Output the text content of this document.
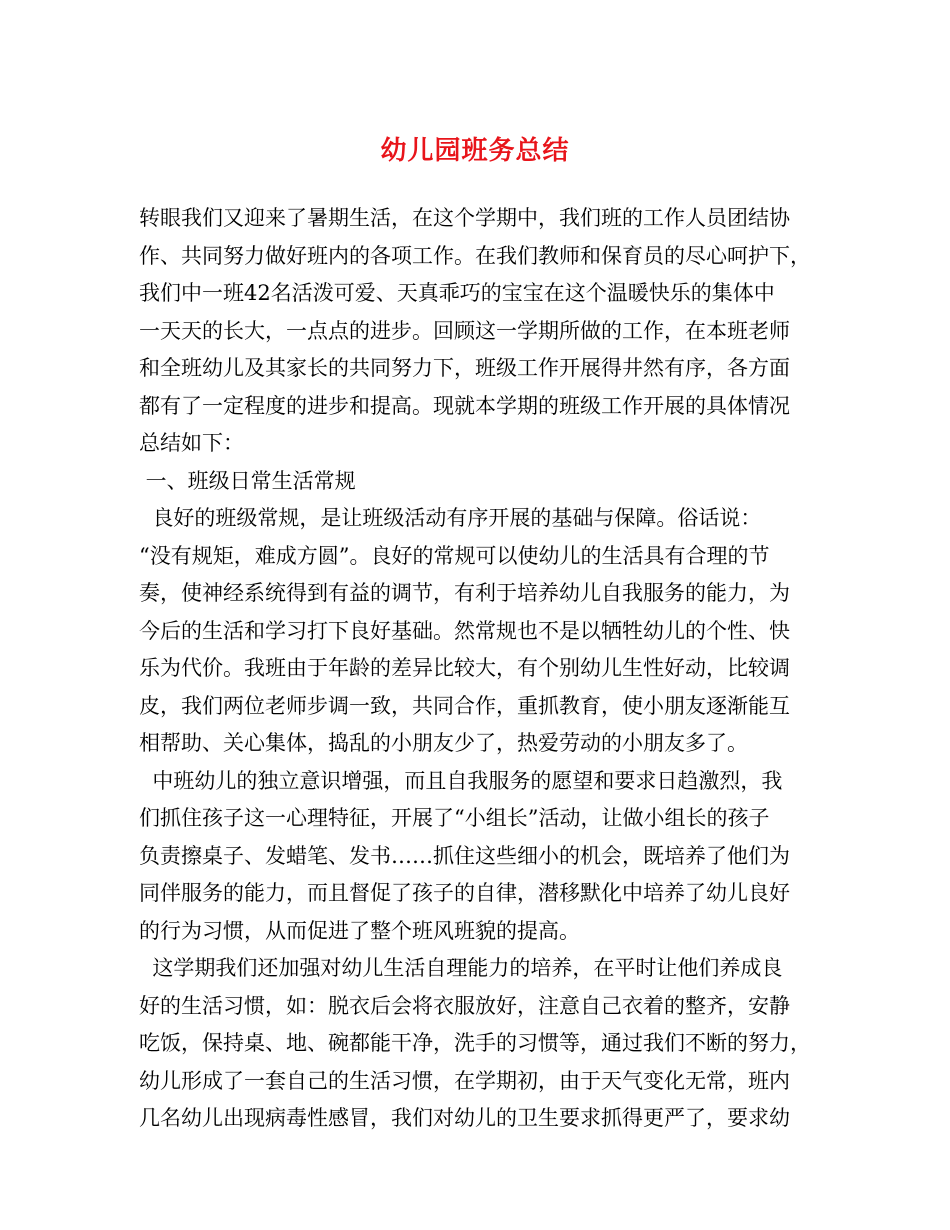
幼儿园班务总结
转眼我们又迎来了暑期生活，在这个学期中，我们班的工作人员团结协
作、共同努力做好班内的各项工作。在我们教师和保育员的尽心呵护下，
我们中一班42名活泼可爱、天真乖巧的宝宝在这个温暖快乐的集体中
一天天的长大，一点点的进步。回顾这一学期所做的工作，在本班老师
和全班幼儿及其家长的共同努力下，班级工作开展得井然有序，各方面
都有了一定程度的进步和提高。现就本学期的班级工作开展的具体情况
总结如下：
一、班级日常生活常规
良好的班级常规，是让班级活动有序开展的基础与保障。俗话说：
“没有规矩，难成方圆”。良好的常规可以使幼儿的生活具有合理的节
奏，使神经系统得到有益的调节，有利于培养幼儿自我服务的能力，为
今后的生活和学习打下良好基础。然常规也不是以牺牲幼儿的个性、快
乐为代价。我班由于年龄的差异比较大，有个别幼儿生性好动，比较调
皮，我们两位老师步调一致，共同合作，重抓教育，使小朋友逐渐能互
相帮助、关心集体，捣乱的小朋友少了，热爱劳动的小朋友多了。
中班幼儿的独立意识增强，而且自我服务的愿望和要求日趋激烈，我
们抓住孩子这一心理特征，开展了“小组长”活动，让做小组长的孩子
负责擦桌子、发蜡笔、发书……抓住这些细小的机会，既培养了他们为
同伴服务的能力，而且督促了孩子的自律，潜移默化中培养了幼儿良好
的行为习惯，从而促进了整个班风班貌的提高。
这学期我们还加强对幼儿生活自理能力的培养，在平时让他们养成良
好的生活习惯，如：脱衣后会将衣服放好，注意自己衣着的整齐，安静
吃饭，保持桌、地、碗都能干净，洗手的习惯等，通过我们不断的努力，
幼儿形成了一套自己的生活习惯，在学期初，由于天气变化无常，班内
几名幼儿出现病毒性感冒，我们对幼儿的卫生要求抓得更严了，要求幼
